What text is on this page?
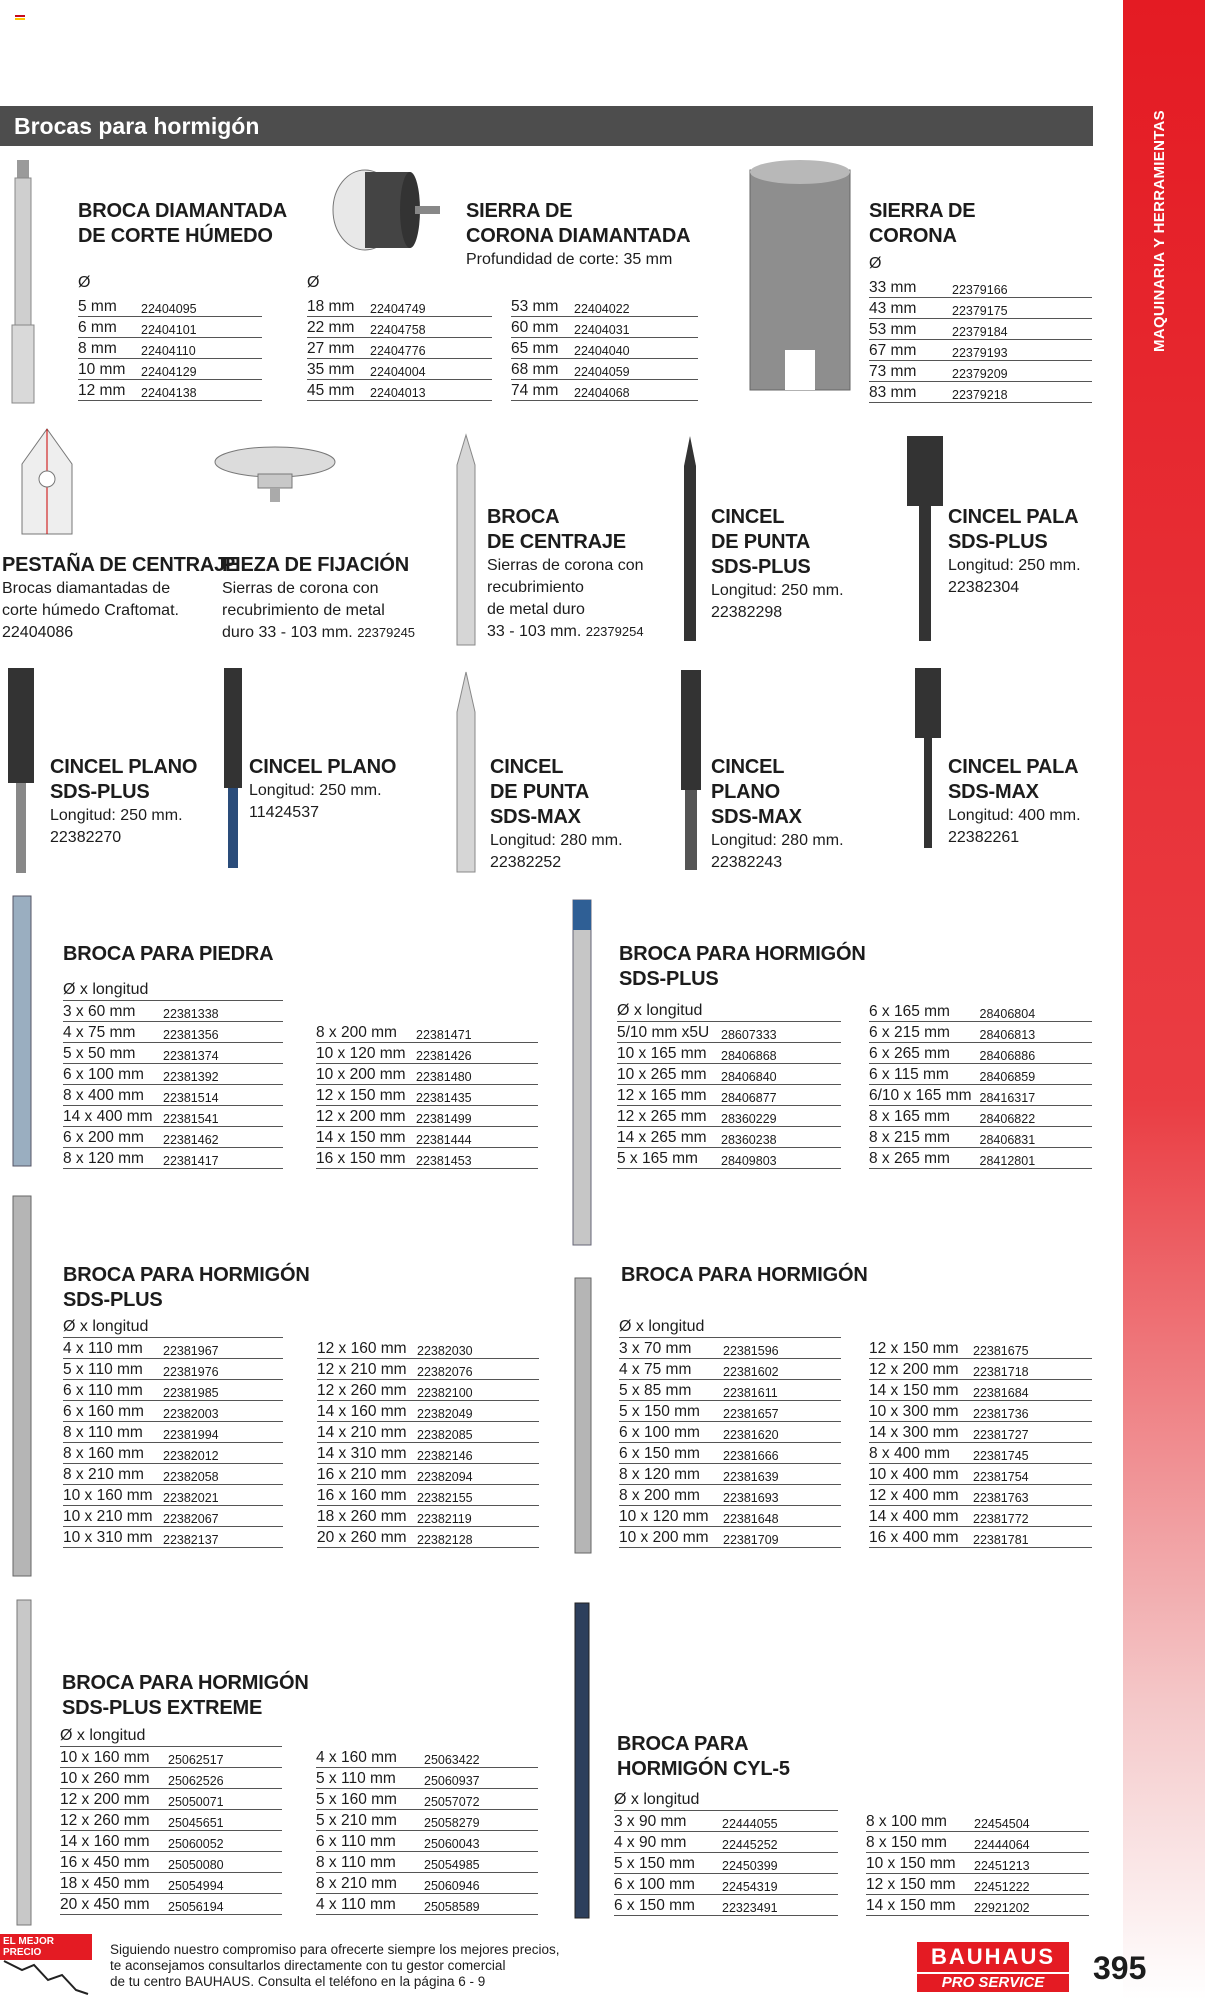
MAQUINARIA Y HERRAMIENTAS
Brocas para hormigón
BROCA DIAMANTADA
DE CORTE HÚMEDO
Ø
5 mm	22404095
6 mm	22404101
8 mm	22404110
10 mm	22404129
12 mm	22404138
SIERRA DE
CORONA DIAMANTADA
Profundidad de corte: 35 mm
Ø
18 mm	22404749
22 mm	22404758
27 mm	22404776
35 mm	22404004
45 mm	22404013
53 mm	22404022
60 mm	22404031
65 mm	22404040
68 mm	22404059
74 mm	22404068
SIERRA DE
CORONA
Ø
33 mm	22379166
43 mm	22379175
53 mm	22379184
67 mm	22379193
73 mm	22379209
83 mm	22379218
PESTAÑA DE CENTRAJE
Brocas diamantadas de
corte húmedo Craftomat.
22404086
PIEZA DE FIJACIÓN
Sierras de corona con
recubrimiento de metal
duro 33 - 103 mm. 22379245
BROCA
DE CENTRAJE
Sierras de corona con
recubrimiento
de metal duro
33 - 103 mm. 22379254
CINCEL
DE PUNTA
SDS-PLUS
Longitud: 250 mm.
22382298
CINCEL PALA
SDS-PLUS
Longitud: 250 mm.
22382304
CINCEL PLANO
SDS-PLUS
Longitud: 250 mm.
22382270
CINCEL PLANO
Longitud: 250 mm.
11424537
CINCEL
DE PUNTA
SDS-MAX
Longitud: 280 mm.
22382252
CINCEL
PLANO
SDS-MAX
Longitud: 280 mm.
22382243
CINCEL PALA
SDS-MAX
Longitud: 400 mm.
22382261
BROCA PARA PIEDRA
Ø x longitud
3 x 60 mm	22381338
4 x 75 mm	22381356
5 x 50 mm	22381374
6 x 100 mm	22381392
8 x 400 mm	22381514
14 x 400 mm	22381541
6 x 200 mm	22381462
8 x 120 mm	22381417
8 x 200 mm	22381471
10 x 120 mm	22381426
10 x 200 mm	22381480
12 x 150 mm	22381435
12 x 200 mm	22381499
14 x 150 mm	22381444
16 x 150 mm	22381453
BROCA PARA HORMIGÓN
SDS-PLUS
Ø x longitud
5/10 mm x5U	28607333
10 x 165 mm	28406868
10 x 265 mm	28406840
12 x 165 mm	28406877
12 x 265 mm	28360229
14 x 265 mm	28360238
5 x 165 mm	28409803
6 x 165 mm	28406804
6 x 215 mm	28406813
6 x 265 mm	28406886
6 x 115 mm	28406859
6/10 x 165 mm	28416317
8 x 165 mm	28406822
8 x 215 mm	28406831
8 x 265 mm	28412801
BROCA PARA HORMIGÓN
SDS-PLUS
Ø x longitud
4 x 110 mm	22381967
5 x 110 mm	22381976
6 x 110 mm	22381985
6 x 160 mm	22382003
8 x 110 mm	22381994
8 x 160 mm	22382012
8 x 210 mm	22382058
10 x 160 mm	22382021
10 x 210 mm	22382067
10 x 310 mm	22382137
12 x 160 mm	22382030
12 x 210 mm	22382076
12 x 260 mm	22382100
14 x 160 mm	22382049
14 x 210 mm	22382085
14 x 310 mm	22382146
16 x 210 mm	22382094
16 x 160 mm	22382155
18 x 260 mm	22382119
20 x 260 mm	22382128
BROCA PARA HORMIGÓN
Ø x longitud
3 x 70 mm	22381596
4 x 75 mm	22381602
5 x 85 mm	22381611
5 x 150 mm	22381657
6 x 100 mm	22381620
6 x 150 mm	22381666
8 x 120 mm	22381639
8 x 200 mm	22381693
10 x 120 mm	22381648
10 x 200 mm	22381709
12 x 150 mm	22381675
12 x 200 mm	22381718
14 x 150 mm	22381684
10 x 300 mm	22381736
14 x 300 mm	22381727
8 x 400 mm	22381745
10 x 400 mm	22381754
12 x 400 mm	22381763
14 x 400 mm	22381772
16 x 400 mm	22381781
BROCA PARA HORMIGÓN
SDS-PLUS EXTREME
Ø x longitud
10 x 160 mm	25062517
10 x 260 mm	25062526
12 x 200 mm	25050071
12 x 260 mm	25045651
14 x 160 mm	25060052
16 x 450 mm	25050080
18 x 450 mm	25054994
20 x 450 mm	25056194
4 x 160 mm	25063422
5 x 110 mm	25060937
5 x 160 mm	25057072
5 x 210 mm	25058279
6 x 110 mm	25060043
8 x 110 mm	25054985
8 x 210 mm	25060946
4 x 110 mm	25058589
BROCA PARA
HORMIGÓN CYL-5
Ø x longitud
3 x 90 mm	22444055
4 x 90 mm	22445252
5 x 150 mm	22450399
6 x 100 mm	22454319
6 x 150 mm	22323491
8 x 100 mm	22454504
8 x 150 mm	22444064
10 x 150 mm	22451213
12 x 150 mm	22451222
14 x 150 mm	22921202
EL MEJOR PRECIO	Siguiendo nuestro compromiso para ofrecerte siempre los mejores precios,
te aconsejamos consultarlos directamente con tu gestor comercial
de tu centro BAUHAUS. Consulta el teléfono en la página 6 - 9
BAUHAUS
PRO SERVICE	395
